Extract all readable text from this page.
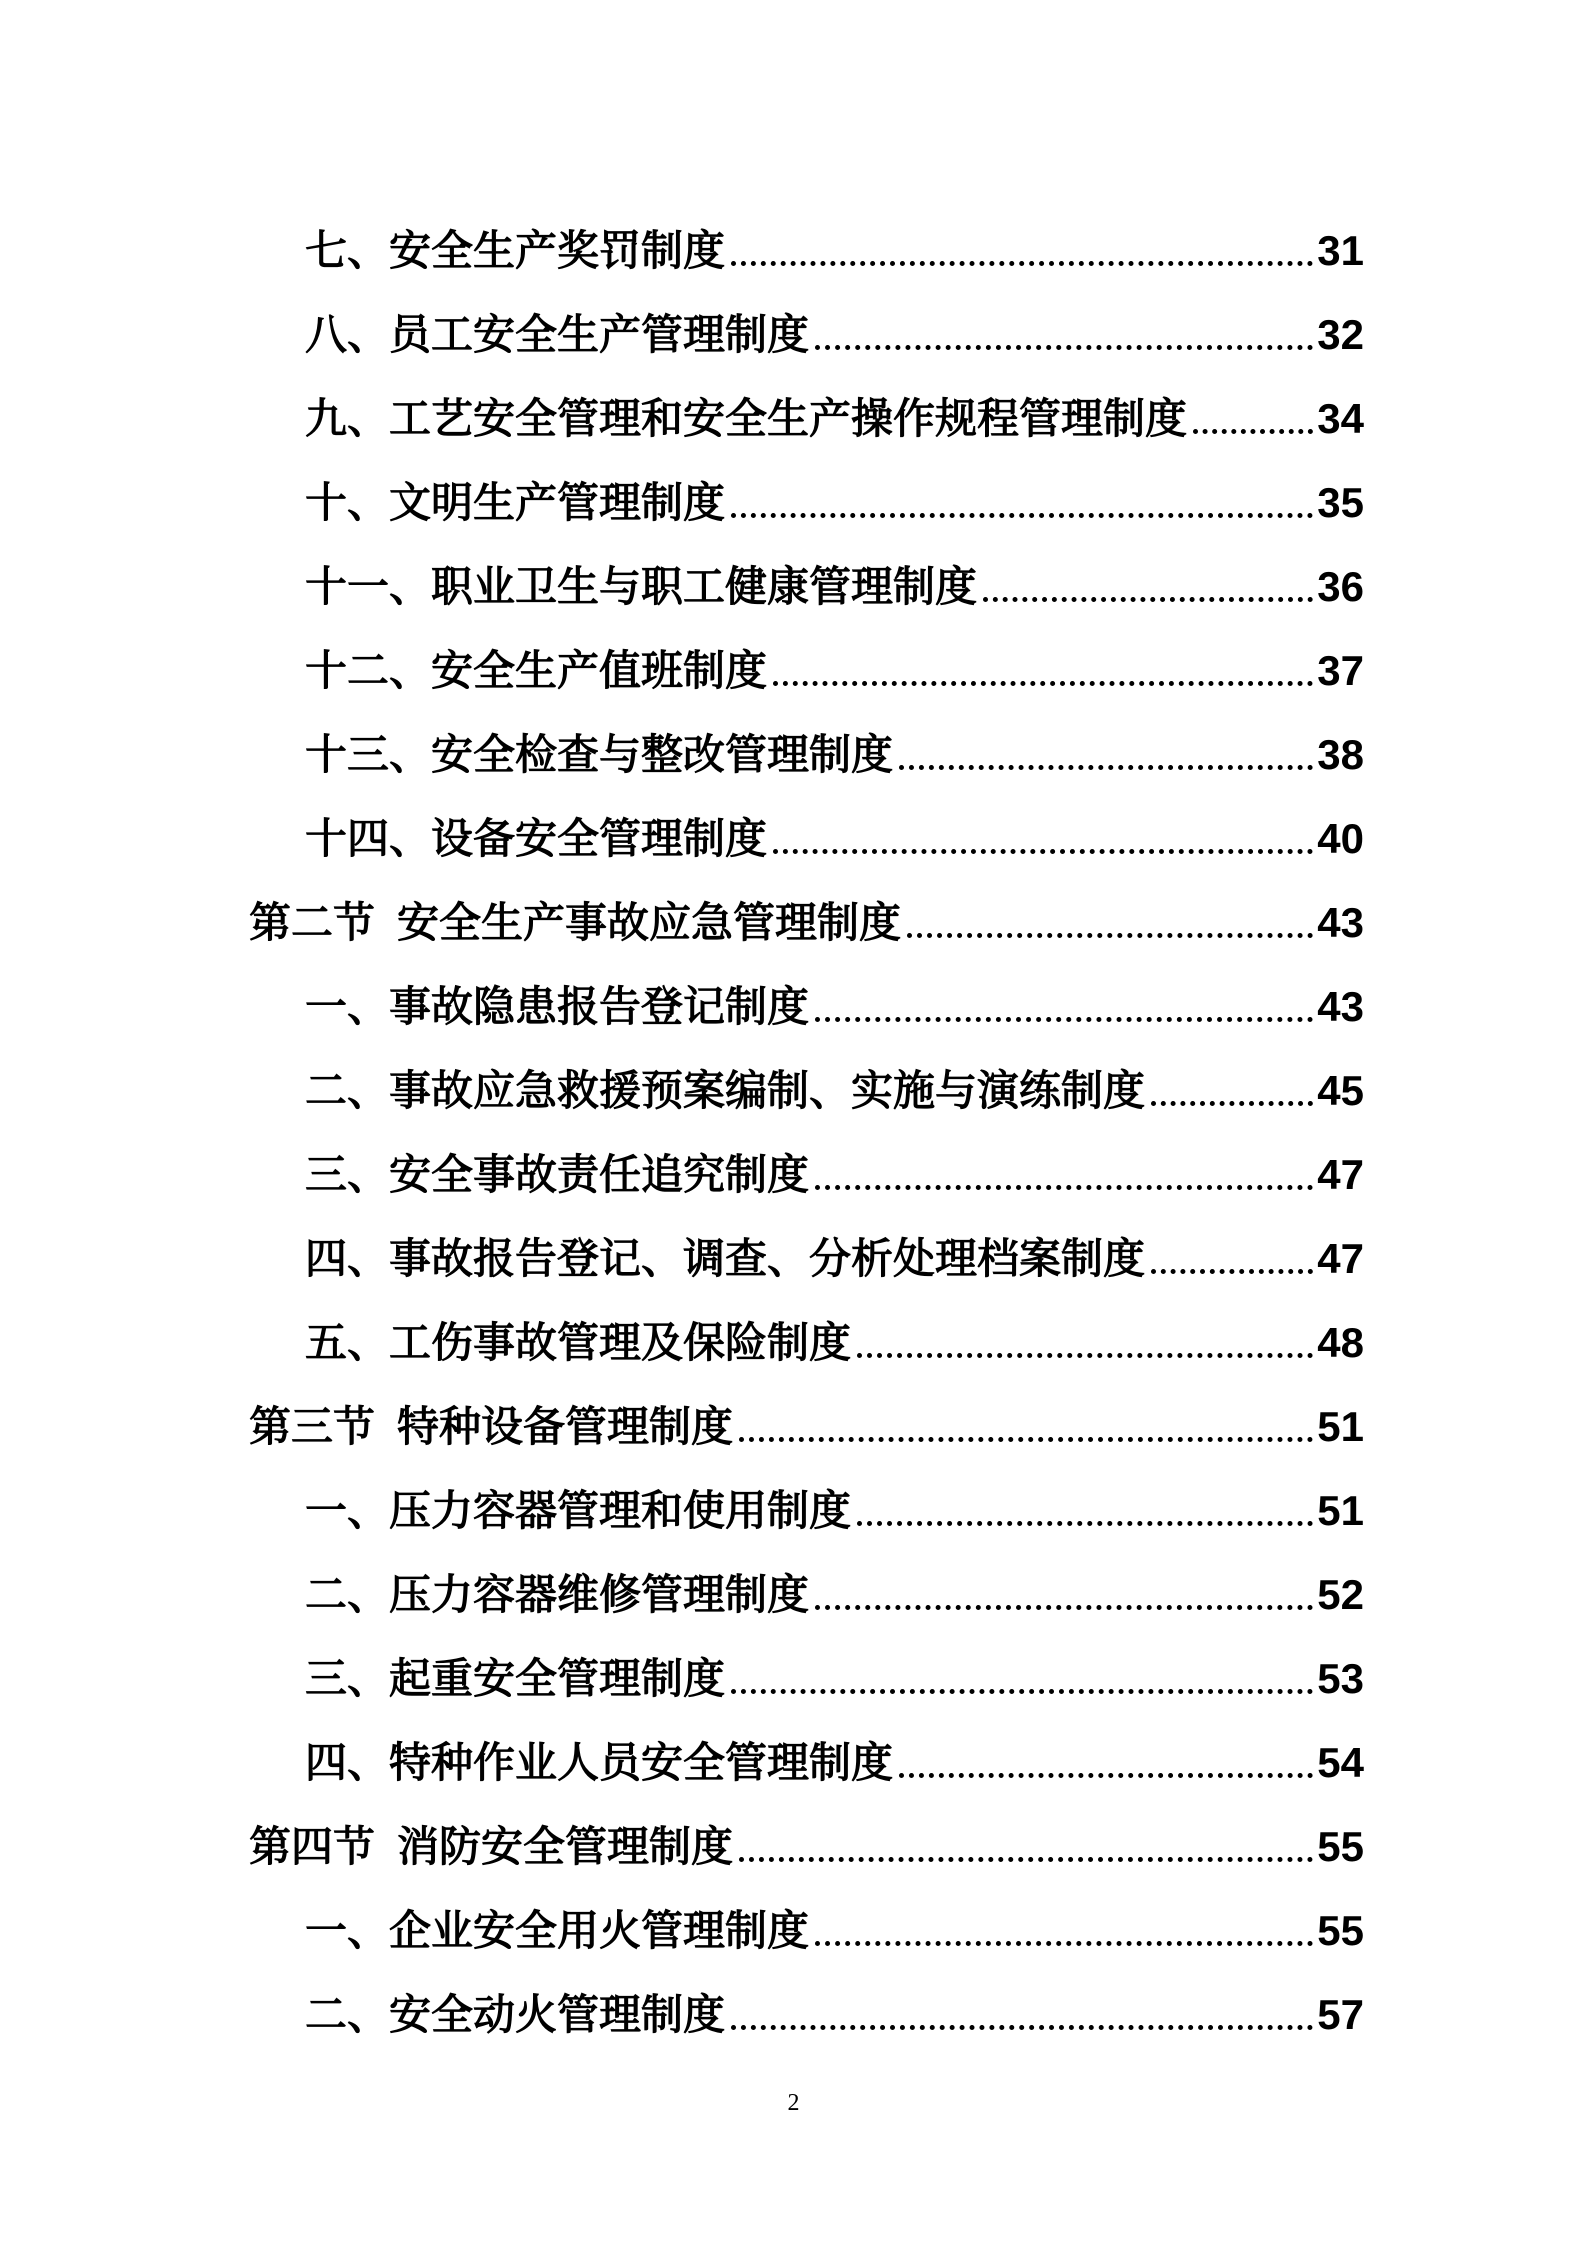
七、安全生产奖罚制度	31
八、员工安全生产管理制度	32
九、工艺安全管理和安全生产操作规程管理制度	34
十、文明生产管理制度	35
十一、职业卫生与职工健康管理制度	36
十二、安全生产值班制度	37
十三、安全检查与整改管理制度	38
十四、设备安全管理制度	40
第二节 安全生产事故应急管理制度	43
一、事故隐患报告登记制度	43
二、事故应急救援预案编制、实施与演练制度	45
三、安全事故责任追究制度	47
四、事故报告登记、调查、分析处理档案制度	47
五、工伤事故管理及保险制度	48
第三节 特种设备管理制度	51
一、压力容器管理和使用制度	51
二、压力容器维修管理制度	52
三、起重安全管理制度	53
四、特种作业人员安全管理制度	54
第四节 消防安全管理制度	55
一、企业安全用火管理制度	55
二、安全动火管理制度	57
2
